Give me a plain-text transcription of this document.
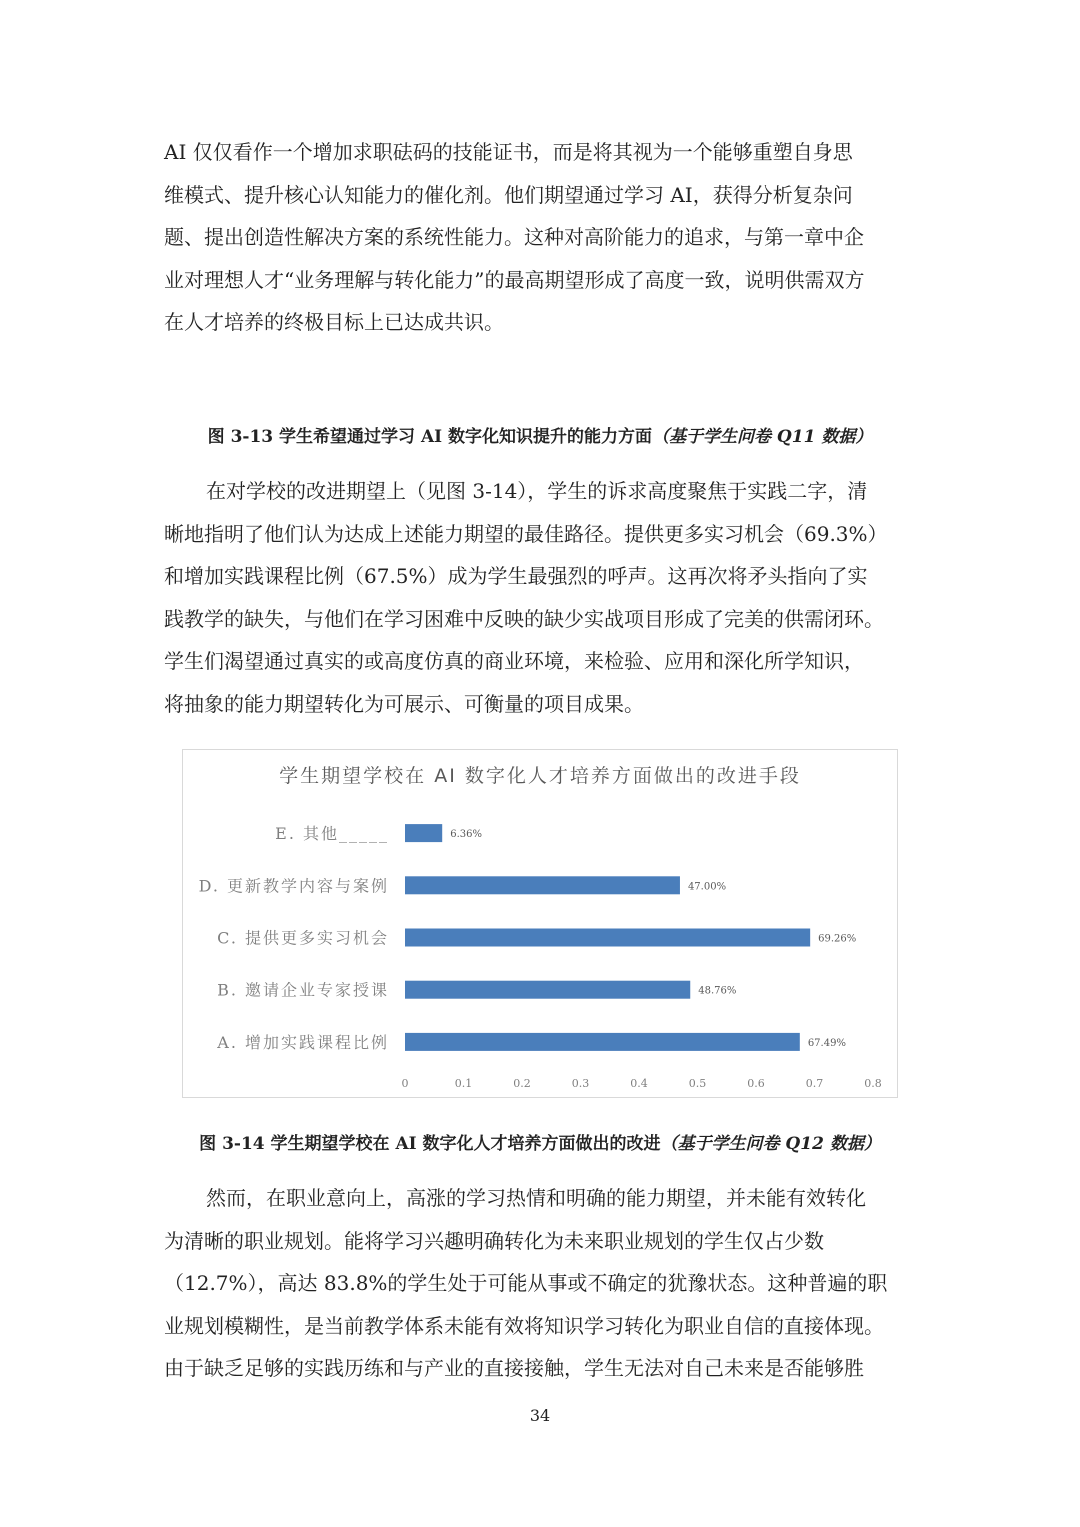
AI 仅仅看作一个增加求职砝码的技能证书，而是将其视为一个能够重塑自身思
维模式、提升核心认知能力的催化剂。他们期望通过学习 AI，获得分析复杂问
题、提出创造性解决方案的系统性能力。这种对高阶能力的追求，与第一章中企
业对理想人才“业务理解与转化能力”的最高期望形成了高度一致，说明供需双方
在人才培养的终极目标上已达成共识。
图 3-13 学生希望通过学习 AI 数字化知识提升的能力方面（基于学生问卷 Q11 数据）
在对学校的改进期望上（见图 3-14），学生的诉求高度聚焦于实践二字，清
晰地指明了他们认为达成上述能力期望的最佳路径。提供更多实习机会（69.3%）
和增加实践课程比例（67.5%）成为学生最强烈的呼声。这再次将矛头指向了实
践教学的缺失，与他们在学习困难中反映的缺少实战项目形成了完美的供需闭环。
学生们渴望通过真实的或高度仿真的商业环境，来检验、应用和深化所学知识，
将抽象的能力期望转化为可展示、可衡量的项目成果。
学生期望学校在 AI 数字化人才培养方面做出的改进手段
E. 其他_____	6.36%
D. 更新教学内容与案例	47.00%
C. 提供更多实习机会	69.26%
B. 邀请企业专家授课	48.76%
A. 增加实践课程比例	67.49%
0	0.1	0.2	0.3	0.4	0.5	0.6	0.7	0.8
图 3-14 学生期望学校在 AI 数字化人才培养方面做出的改进（基于学生问卷 Q12 数据）
然而，在职业意向上，高涨的学习热情和明确的能力期望，并未能有效转化
为清晰的职业规划。能将学习兴趣明确转化为未来职业规划的学生仅占少数
（12.7%），高达 83.8%的学生处于可能从事或不确定的犹豫状态。这种普遍的职
业规划模糊性，是当前教学体系未能有效将知识学习转化为职业自信的直接体现。
由于缺乏足够的实践历练和与产业的直接接触，学生无法对自己未来是否能够胜
34
